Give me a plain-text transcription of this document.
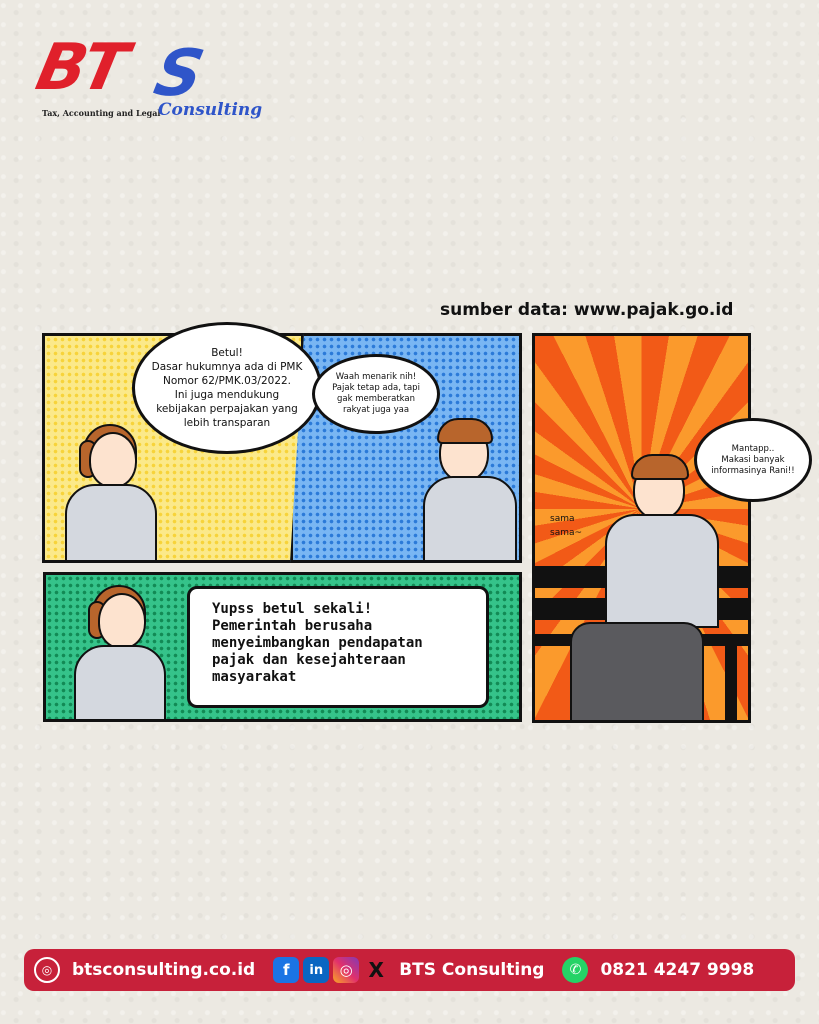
BT S
Tax, Accounting and Legal
Consulting
sumber data: www.pajak.go.id
sama
sama~
Betul!
Dasar hukumnya ada di PMK
Nomor 62/PMK.03/2022.
Ini juga mendukung
kebijakan perpajakan yang
lebih transparan
Waah menarik nih!
Pajak tetap ada, tapi
gak memberatkan
rakyat juga yaa
Mantapp..
Makasi banyak
informasinya Rani!!
Yupss betul sekali!
Pemerintah berusaha
menyeimbangkan pendapatan
pajak dan kesejahteraan
masyarakat
◎	btsconsulting.co.id	f	in	◎ X BTS Consulting	✆	0821 4247 9998
